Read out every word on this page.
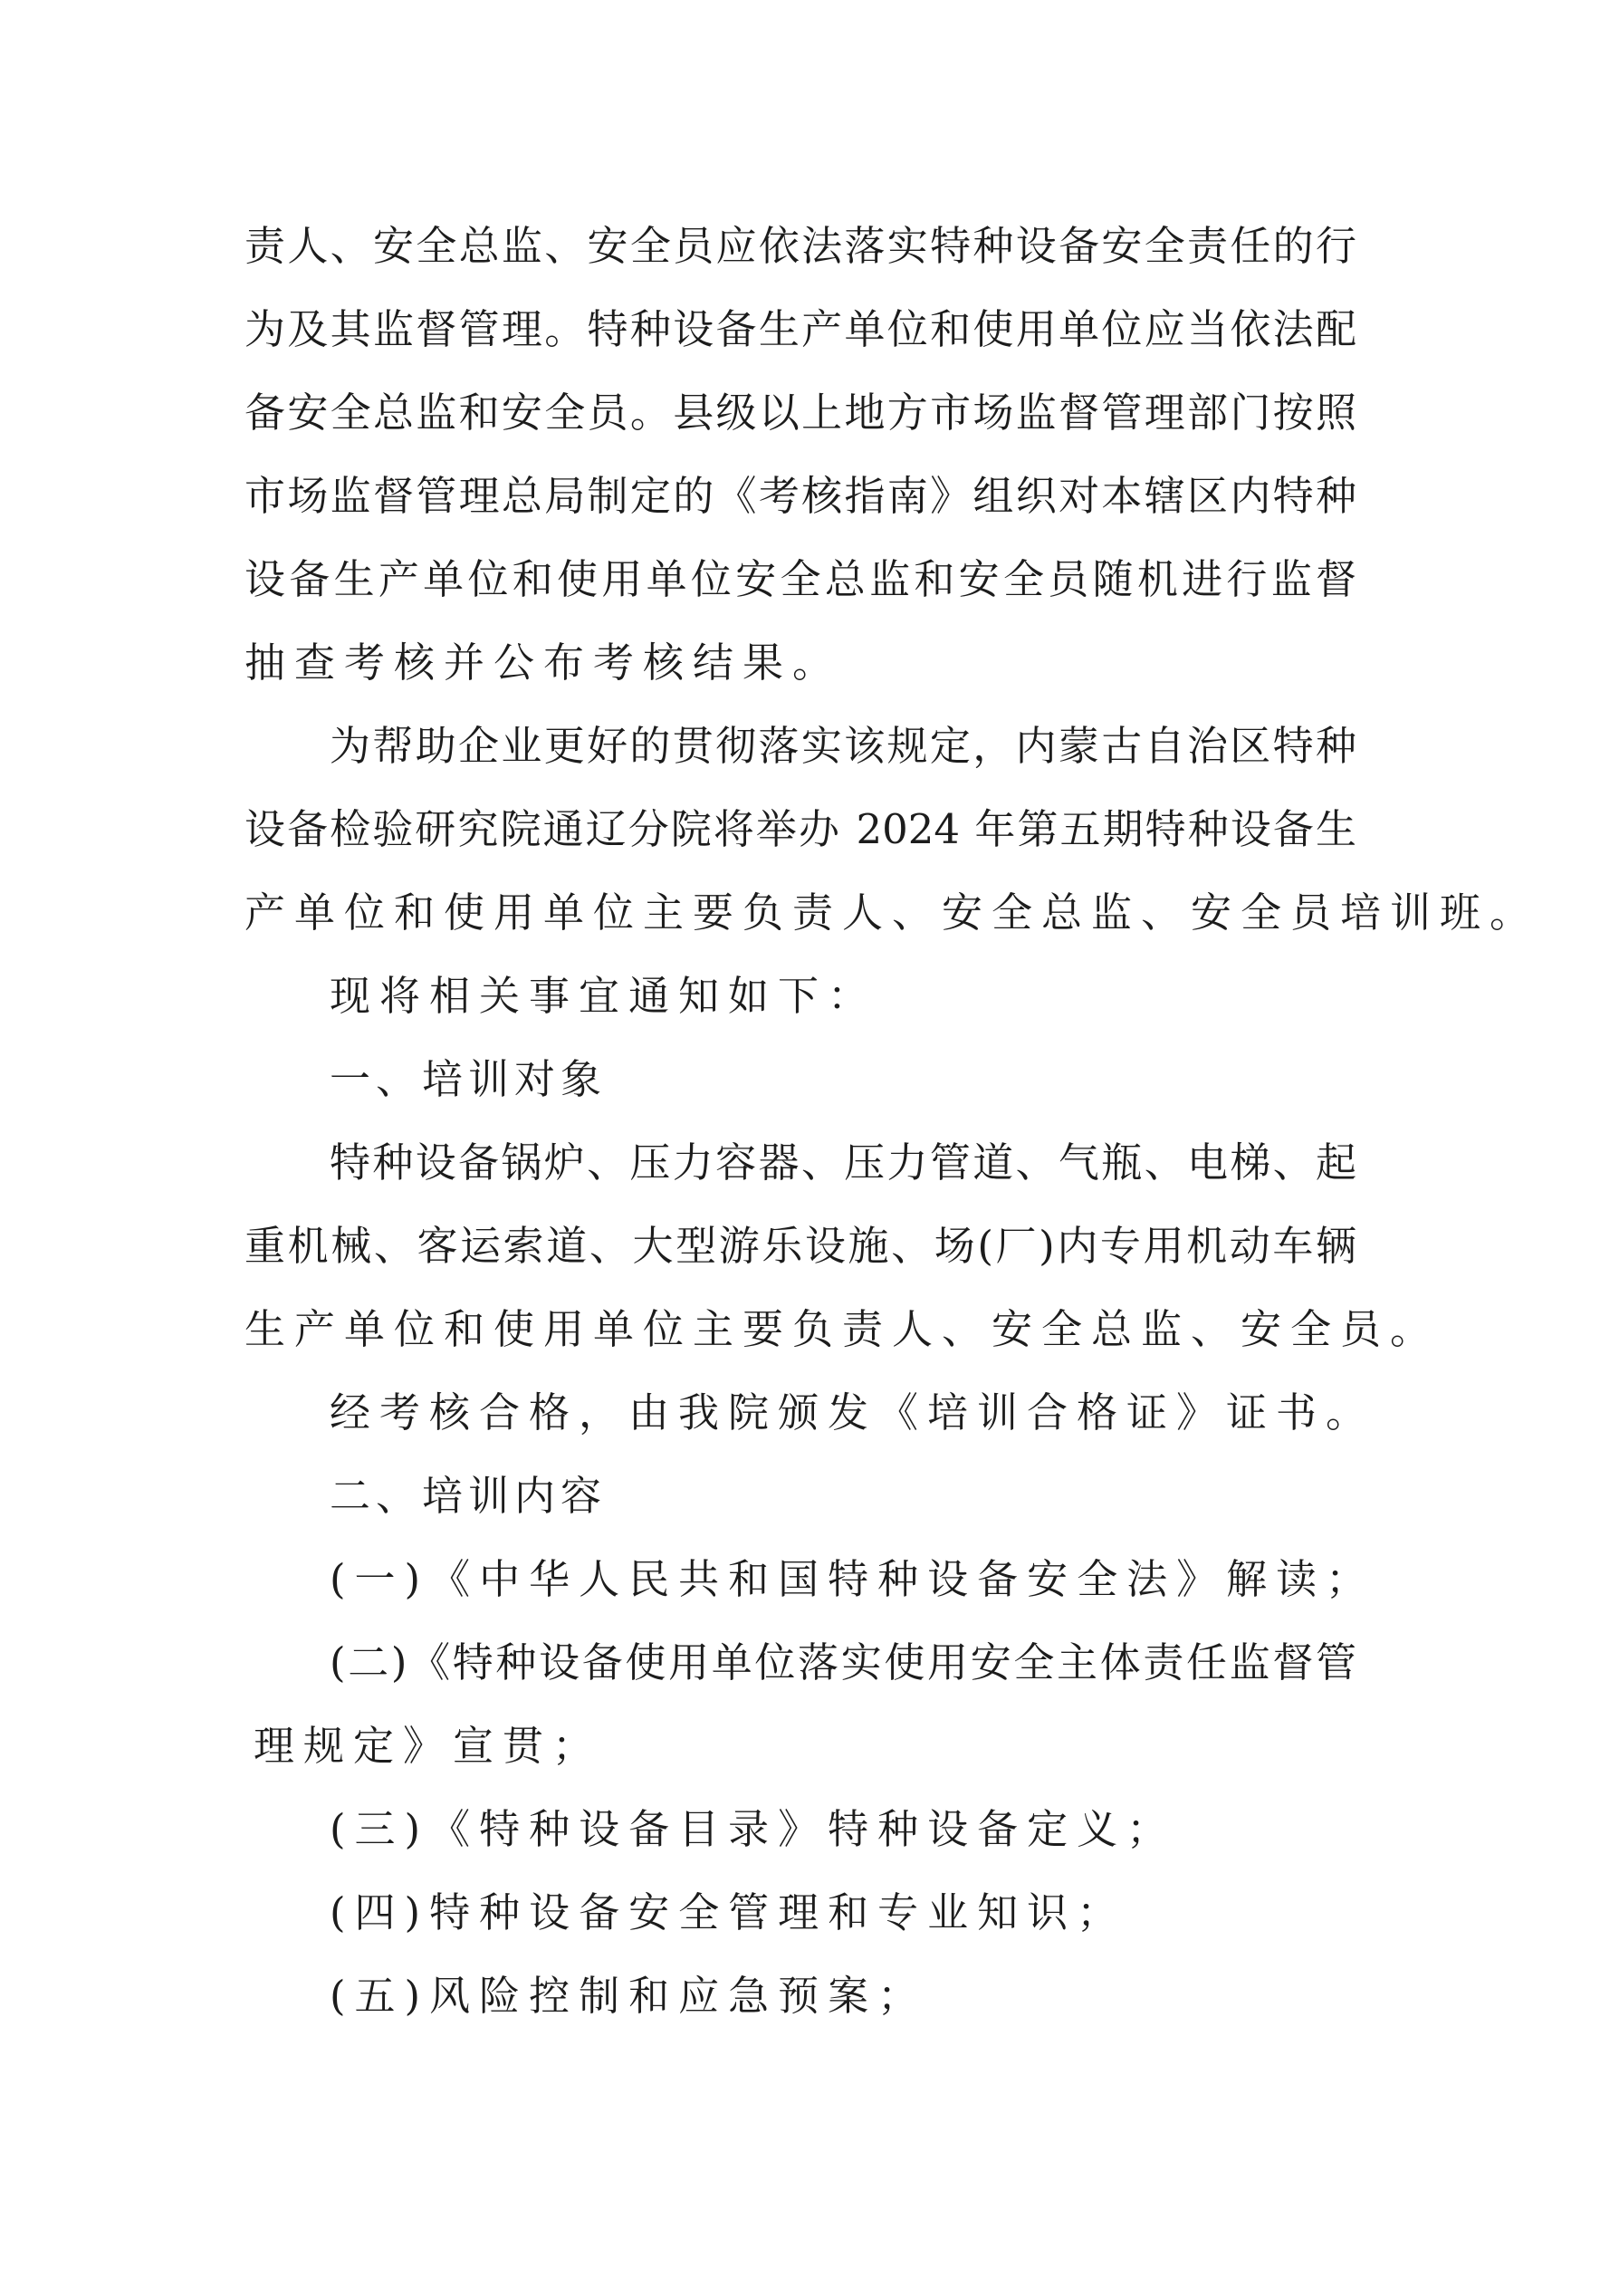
责人、安全总监、安全员应依法落实特种设备安全责任的行
为及其监督管理。特种设备生产单位和使用单位应当依法配
备安全总监和安全员。县级以上地方市场监督管理部门按照
市场监督管理总局制定的《考核指南》组织对本辖区内特种
设备生产单位和使用单位安全总监和安全员随机进行监督
抽查考核并公布考核结果。
为帮助企业更好的贯彻落实该规定，内蒙古自治区特种
设备检验研究院通辽分院将举办 2024 年第五期特种设备生
产单位和使用单位主要负责人、安全总监、安全员培训班。
现将相关事宜通知如下：
一、培训对象
特种设备锅炉、压力容器、压力管道、气瓶、电梯、起
重机械、客运索道、大型游乐设施、场(厂)内专用机动车辆
生产单位和使用单位主要负责人、安全总监、安全员。
经考核合格，由我院颁发《培训合格证》证书。
二、培训内容
(一)《中华人民共和国特种设备安全法》解读；
(二)《特种设备使用单位落实使用安全主体责任监督管
理规定》宣贯；
(三)《特种设备目录》特种设备定义；
(四)特种设备安全管理和专业知识；
(五)风险控制和应急预案；
